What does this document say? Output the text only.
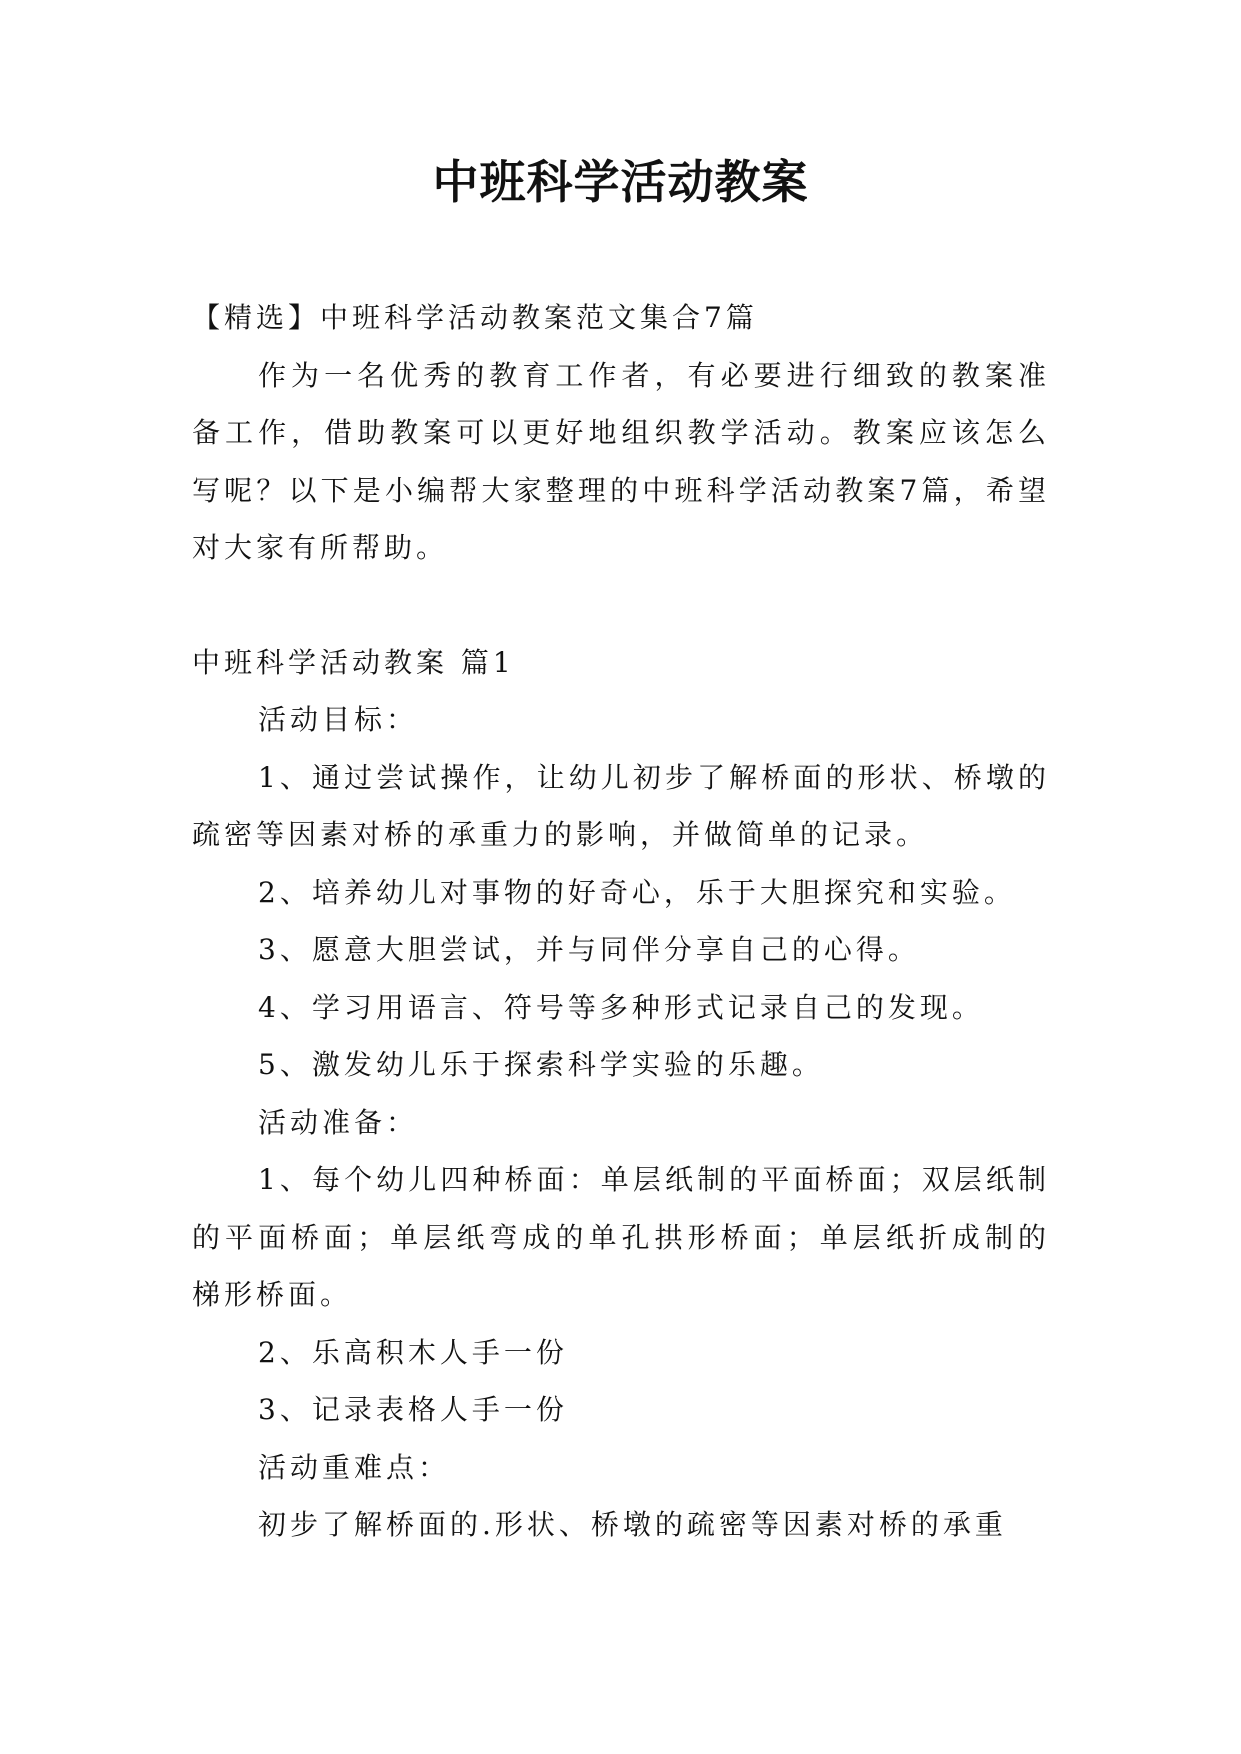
中班科学活动教案

【精选】中班科学活动教案范文集合7篇

作为一名优秀的教育工作者，有必要进行细致的教案准备工作，借助教案可以更好地组织教学活动。教案应该怎么写呢？以下是小编帮大家整理的中班科学活动教案7篇，希望对大家有所帮助。

中班科学活动教案 篇1

活动目标：

1、通过尝试操作，让幼儿初步了解桥面的形状、桥墩的疏密等因素对桥的承重力的影响，并做简单的记录。

2、培养幼儿对事物的好奇心，乐于大胆探究和实验。

3、愿意大胆尝试，并与同伴分享自己的心得。

4、学习用语言、符号等多种形式记录自己的发现。

5、激发幼儿乐于探索科学实验的乐趣。

活动准备：

1、每个幼儿四种桥面：单层纸制的平面桥面；双层纸制的平面桥面；单层纸弯成的单孔拱形桥面；单层纸折成制的梯形桥面。

2、乐高积木人手一份

3、记录表格人手一份

活动重难点：

初步了解桥面的.形状、桥墩的疏密等因素对桥的承重
